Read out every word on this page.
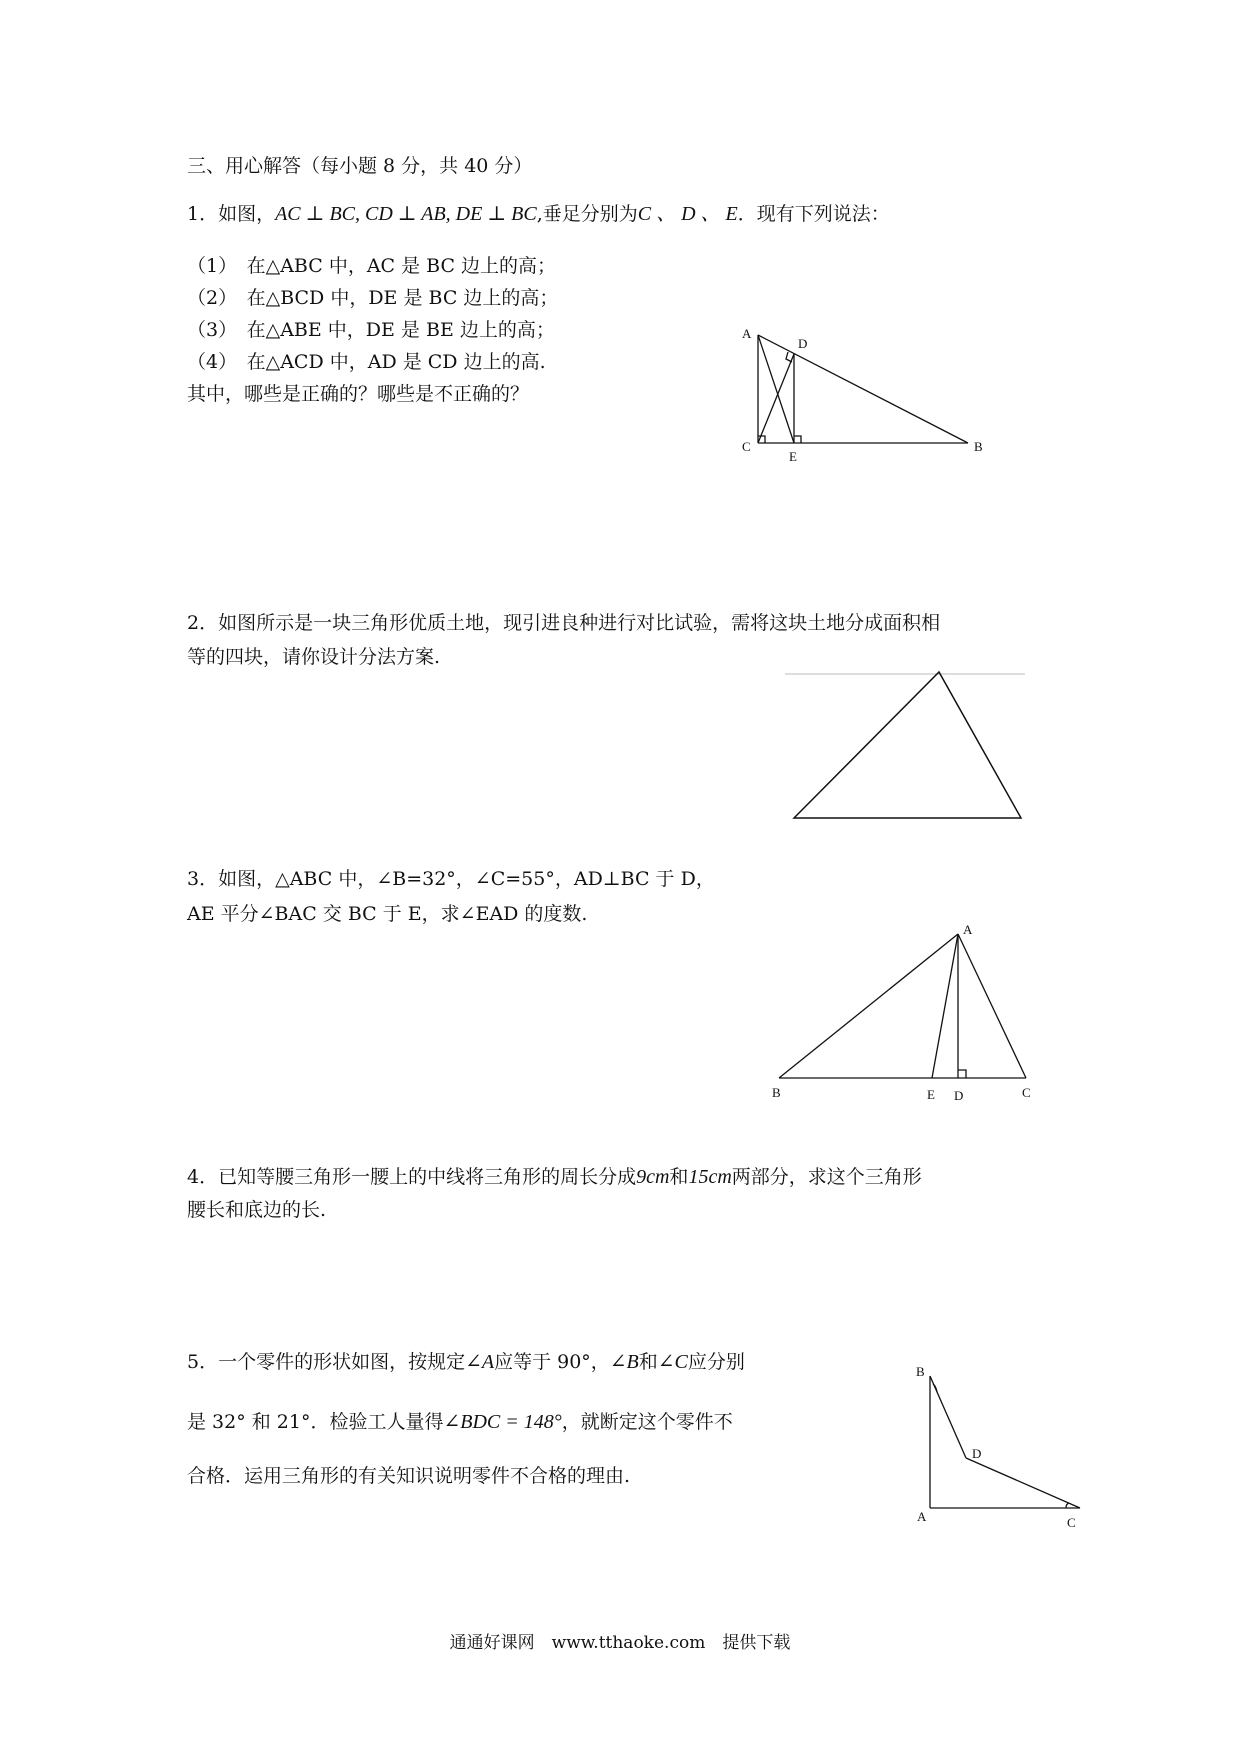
三、用心解答（每小题 8 分，共 40 分）
1．如图，AC ⊥ BC, CD ⊥ AB, DE ⊥ BC,垂足分别为C 、 D 、 E．现有下列说法：
（1）　在△ABC 中，AC 是 BC 边上的高；
（2）　在△BCD 中，DE 是 BC 边上的高；
（3）　在△ABE 中，DE 是 BE 边上的高；
（4）　在△ACD 中，AD 是 CD 边上的高.
其中，哪些是正确的？哪些是不正确的？
A
D
C
E
B
2．如图所示是一块三角形优质土地，现引进良种进行对比试验，需将这块土地分成面积相
等的四块，请你设计分法方案.
3．如图，△ABC 中，∠B=32°，∠C=55°，AD⊥BC 于 D，
AE 平分∠BAC 交 BC 于 E，求∠EAD 的度数.
A
B	E D	C
4．已知等腰三角形一腰上的中线将三角形的周长分成9cm和15cm两部分，求这个三角形
腰长和底边的长.
5．一个零件的形状如图，按规定∠A应等于 90°，∠B和∠C应分别
是 32° 和 21°．检验工人量得∠BDC = 148°，就断定这个零件不
合格．运用三角形的有关知识说明零件不合格的理由.
B
D
A	C
通通好课网　www.tthaoke.com　提供下载
